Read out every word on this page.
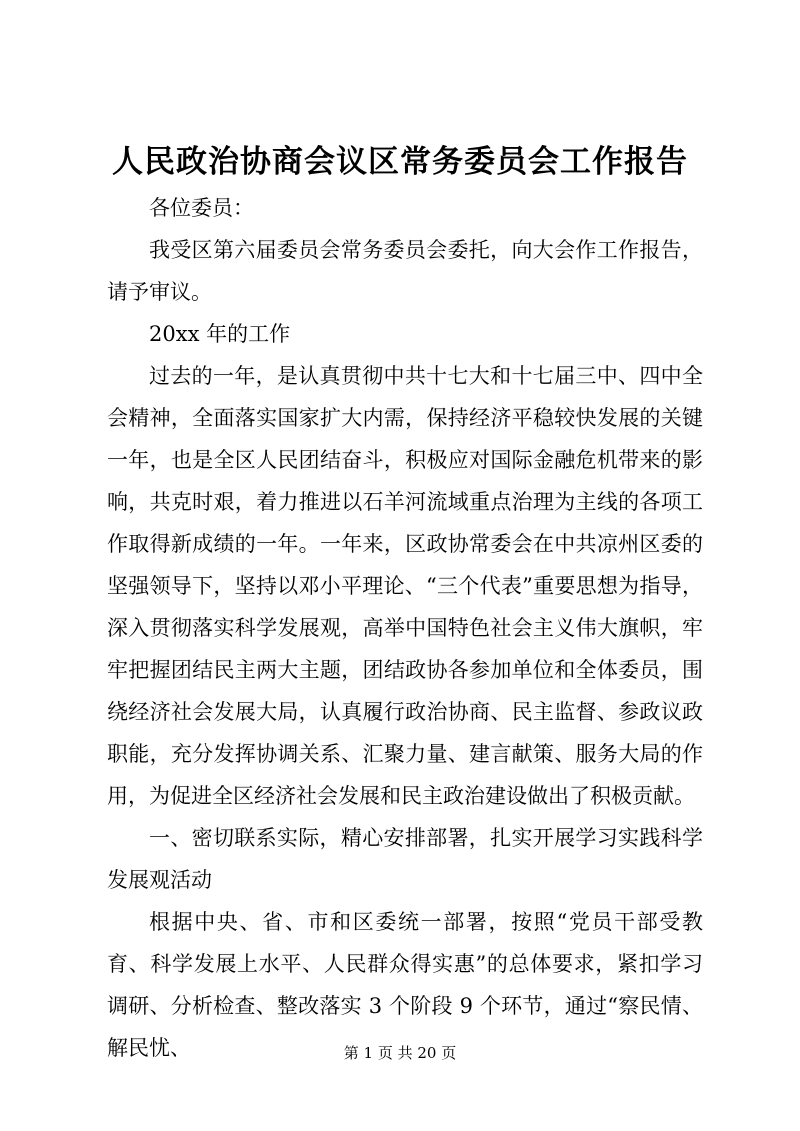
人民政治协商会议区常务委员会工作报告

各位委员：

我受区第六届委员会常务委员会委托，向大会作工作报告，请予审议。

20xx 年的工作

过去的一年，是认真贯彻中共十七大和十七届三中、四中全会精神，全面落实国家扩大内需，保持经济平稳较快发展的关键一年，也是全区人民团结奋斗，积极应对国际金融危机带来的影响，共克时艰，着力推进以石羊河流域重点治理为主线的各项工作取得新成绩的一年。一年来，区政协常委会在中共凉州区委的坚强领导下，坚持以邓小平理论、“三个代表”重要思想为指导，深入贯彻落实科学发展观，高举中国特色社会主义伟大旗帜，牢牢把握团结民主两大主题，团结政协各参加单位和全体委员，围绕经济社会发展大局，认真履行政治协商、民主监督、参政议政职能，充分发挥协调关系、汇聚力量、建言献策、服务大局的作用，为促进全区经济社会发展和民主政治建设做出了积极贡献。

一、密切联系实际，精心安排部署，扎实开展学习实践科学发展观活动

根据中央、省、市和区委统一部署，按照“党员干部受教育、科学发展上水平、人民群众得实惠”的总体要求，紧扣学习调研、分析检查、整改落实 3 个阶段 9 个环节，通过“察民情、解民忧、	第 1 页 共 20 页
